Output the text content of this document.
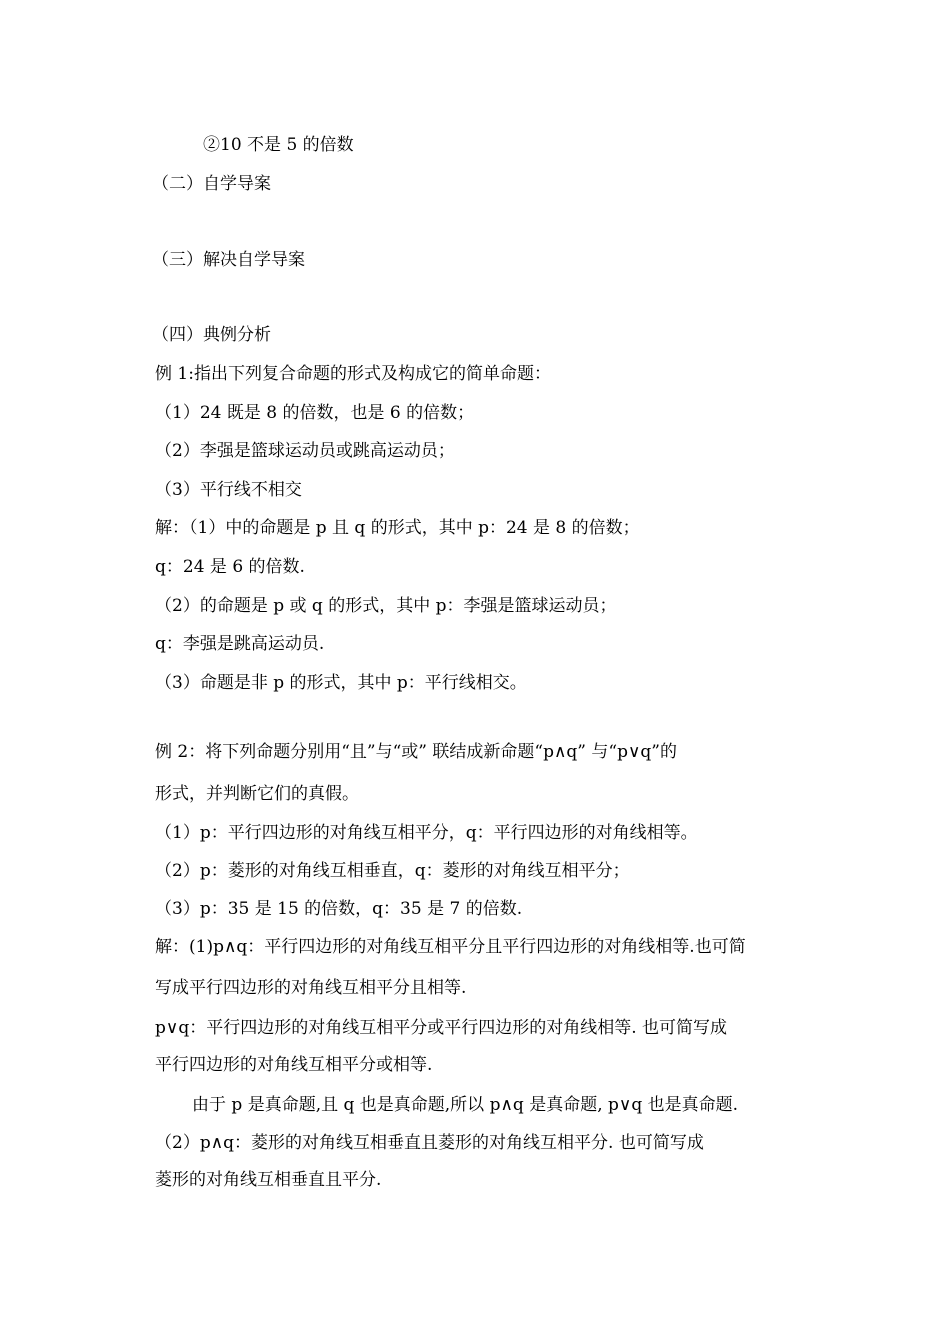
②10 不是 5 的倍数
（二）自学导案
（三）解决自学导案
（四）典例分析
例 1:指出下列复合命题的形式及构成它的简单命题：
（1）24 既是 8 的倍数，也是 6 的倍数；
（2）李强是篮球运动员或跳高运动员；
（3）平行线不相交
解：（1）中的命题是 p 且 q 的形式，其中 p：24 是 8 的倍数；
q：24 是 6 的倍数.
（2）的命题是 p 或 q 的形式，其中 p：李强是篮球运动员；
q：李强是跳高运动员.
（3）命题是非 p 的形式，其中 p：平行线相交。
例 2：将下列命题分别用“且”与“或” 联结成新命题“p∧q” 与“p∨q”的
形式，并判断它们的真假。
（1）p：平行四边形的对角线互相平分，q：平行四边形的对角线相等。
（2）p：菱形的对角线互相垂直，q：菱形的对角线互相平分；
（3）p：35 是 15 的倍数，q：35 是 7 的倍数.
解：(1)p∧q：平行四边形的对角线互相平分且平行四边形的对角线相等.也可简
写成平行四边形的对角线互相平分且相等.
p∨q：平行四边形的对角线互相平分或平行四边形的对角线相等. 也可简写成
平行四边形的对角线互相平分或相等.
由于 p 是真命题,且 q 也是真命题,所以 p∧q 是真命题, p∨q 也是真命题.
（2）p∧q：菱形的对角线互相垂直且菱形的对角线互相平分. 也可简写成
菱形的对角线互相垂直且平分.
